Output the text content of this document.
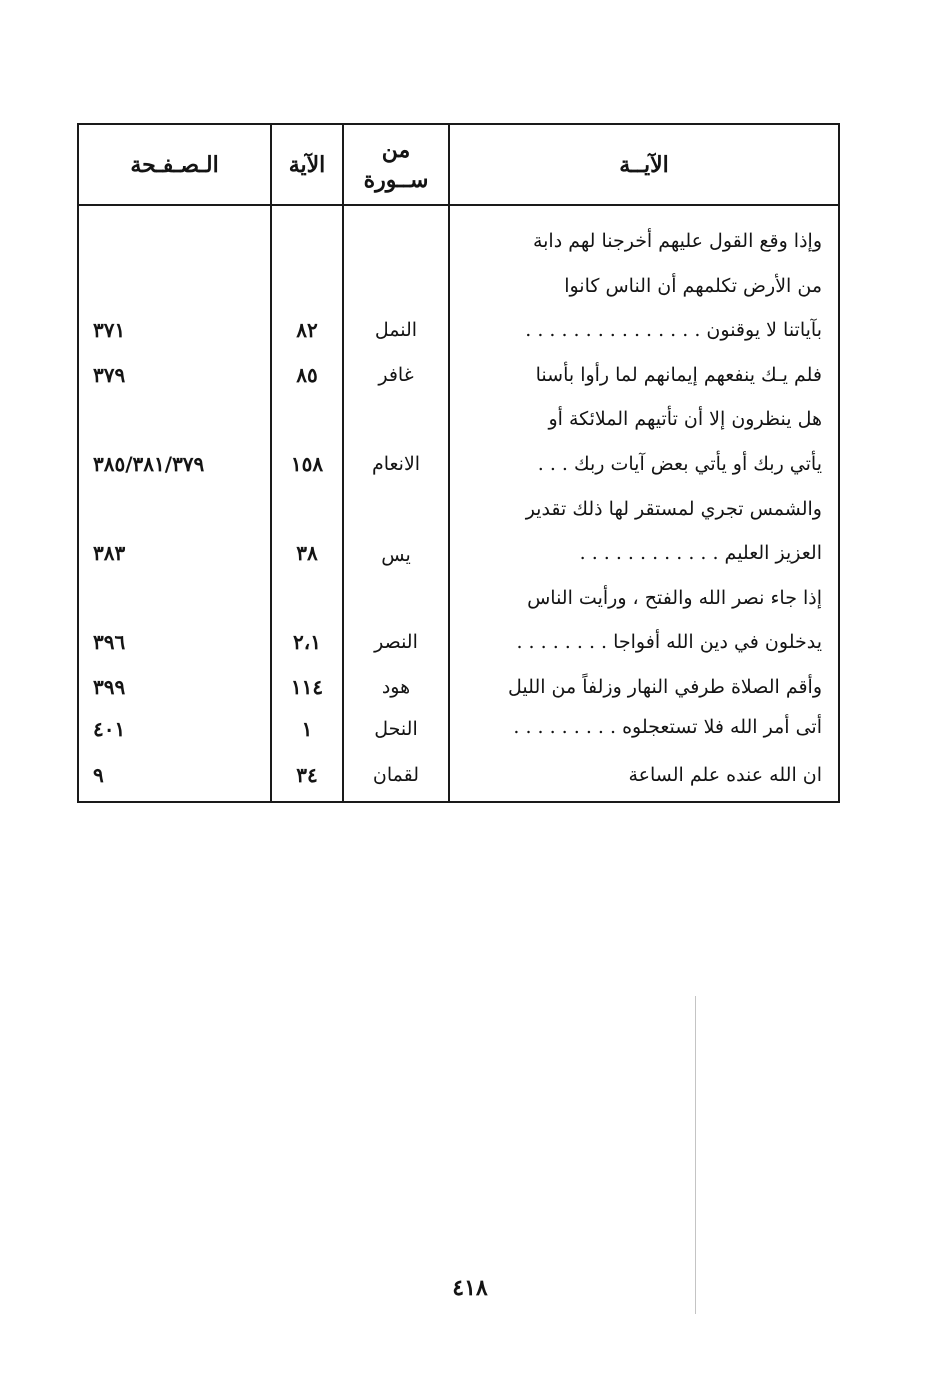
الآيــة
من
ســورة
الآية
الـصـفـحة
وإذا وقع القول عليهم أخرجنا لهم دابة
من الأرض تكلمهم أن الناس كانوا
بآياتنا لا يوقنون . . . . . . . . . . . . . . .
فلم يـك ينفعهم إيمانهم لما رأوا بأسنا
هل ينظرون إلا أن تأتيهم الملائكة أو
يأتي ربك أو يأتي بعض آيات ربك . . .
والشمس تجري لمستقر لها ذلك تقدير
العزيز العليم . . . . . . . . . . . .
إذا جاء نصر الله والفتح ، ورأيت الناس
يدخلون في دين الله أفواجا . . . . . . . .
وأقم الصلاة طرفي النهار وزلفاً من الليل
أتى أمر الله فلا تستعجلوه . . . . . . . . .
ان الله عنده علم الساعة
النمل
٨٢
٣٧١
غافر
٨٥
٣٧٩
الانعام
١٥٨
٣٨٥/٣٨١/٣٧٩
يس
٣٨
٣٨٣
النصر
٢،١
٣٩٦
هود
١١٤
٣٩٩
النحل
١
٤٠١
لقمان
٣٤
٩
٤١٨
